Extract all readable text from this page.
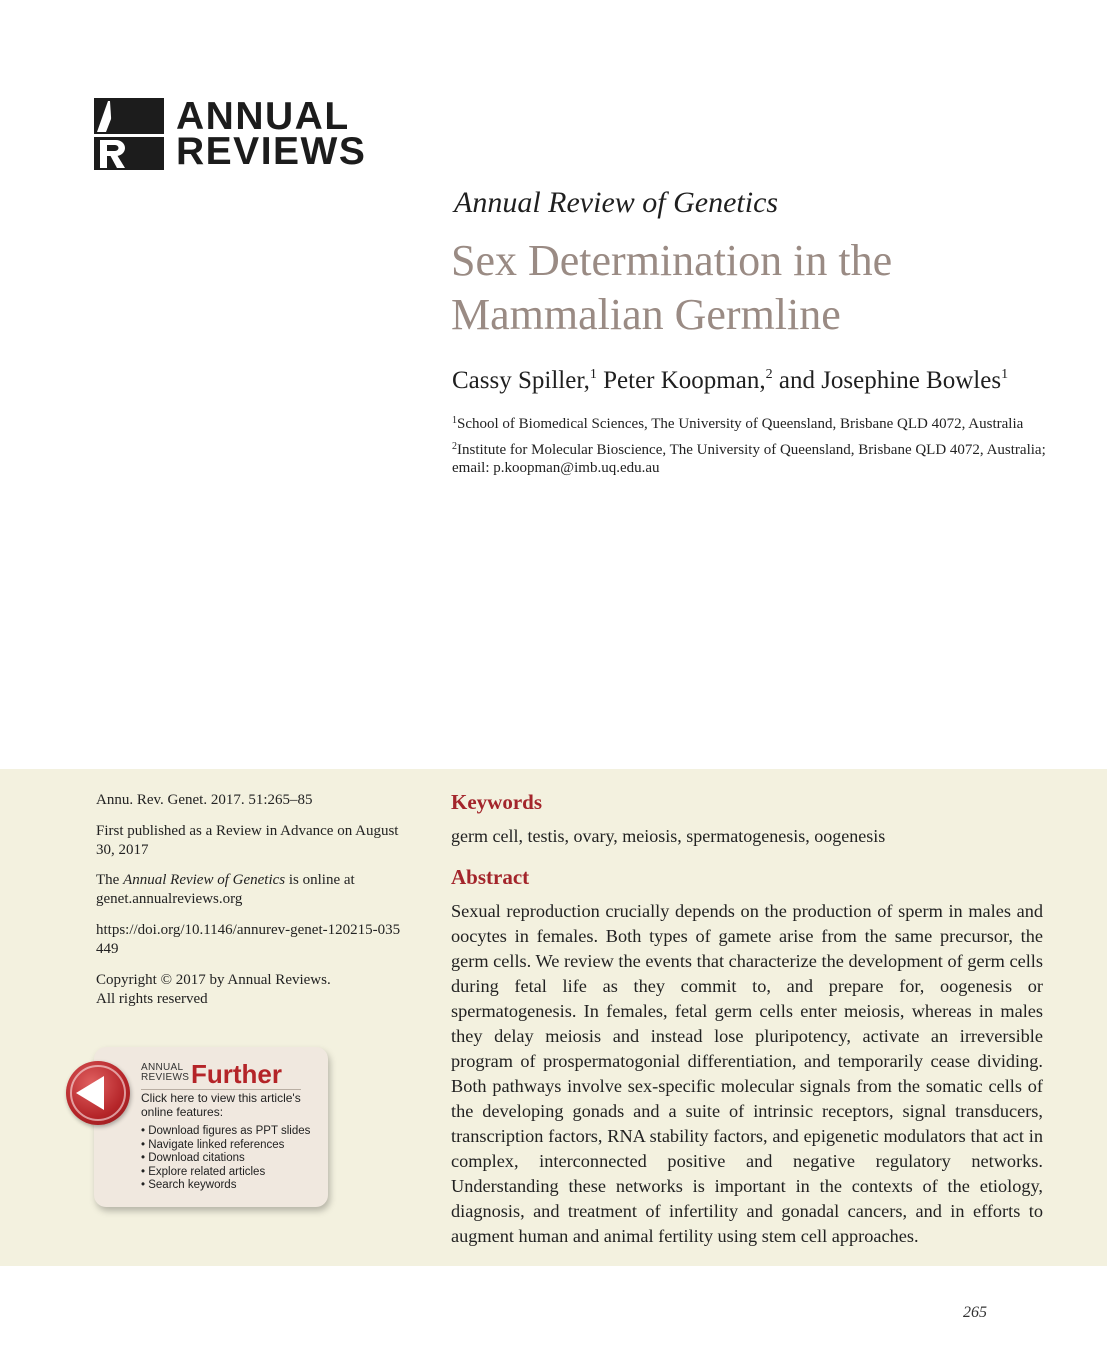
ANNUAL
REVIEWS
Annual Review of Genetics
Sex Determination in the Mammalian Germline
Cassy Spiller,$^1$ Peter Koopman,$^2$ and Josephine Bowles$^1$
$^1$School of Biomedical Sciences, The University of Queensland, Brisbane QLD 4072, Australia
$^2$Institute for Molecular Bioscience, The University of Queensland, Brisbane QLD 4072, Australia; email: p.koopman@imb.uq.edu.au
Annu. Rev. Genet. 2017. 51:265–85
First published as a Review in Advance on August 30, 2017
The Annual Review of Genetics is online at genet.annualreviews.org
https://doi.org/10.1146/annurev-genet-120215-035449
Copyright © 2017 by Annual Reviews.
All rights reserved
ANNUAL
REVIEWS Further
Click here to view this article's online features:
• Download figures as PPT slides
• Navigate linked references
• Download citations
• Explore related articles
• Search keywords
Keywords
germ cell, testis, ovary, meiosis, spermatogenesis, oogenesis
Abstract
Sexual reproduction crucially depends on the production of sperm in males and oocytes in females. Both types of gamete arise from the same precursor, the germ cells. We review the events that characterize the development of germ cells during fetal life as they commit to, and prepare for, oogenesis or spermatogenesis. In females, fetal germ cells enter meiosis, whereas in males they delay meiosis and instead lose pluripotency, activate an irreversible program of prospermatogonial differentiation, and temporarily cease dividing. Both pathways involve sex-specific molecular signals from the somatic cells of the developing gonads and a suite of intrinsic receptors, signal transducers, transcription factors, RNA stability factors, and epigenetic modulators that act in complex, interconnected positive and negative regulatory networks. Understanding these networks is important in the contexts of the etiology, diagnosis, and treatment of infertility and gonadal cancers, and in efforts to augment human and animal fertility using stem cell approaches.
265
